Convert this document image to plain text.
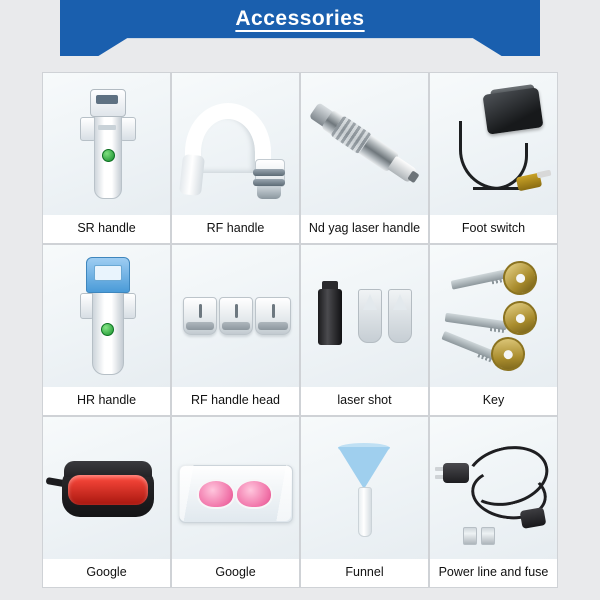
Accessories
SR handle	RF handle	Nd yag laser handle	Foot switch
HR handle	RF handle head	laser shot	Key
Google	Google	Funnel	Power line and fuse
